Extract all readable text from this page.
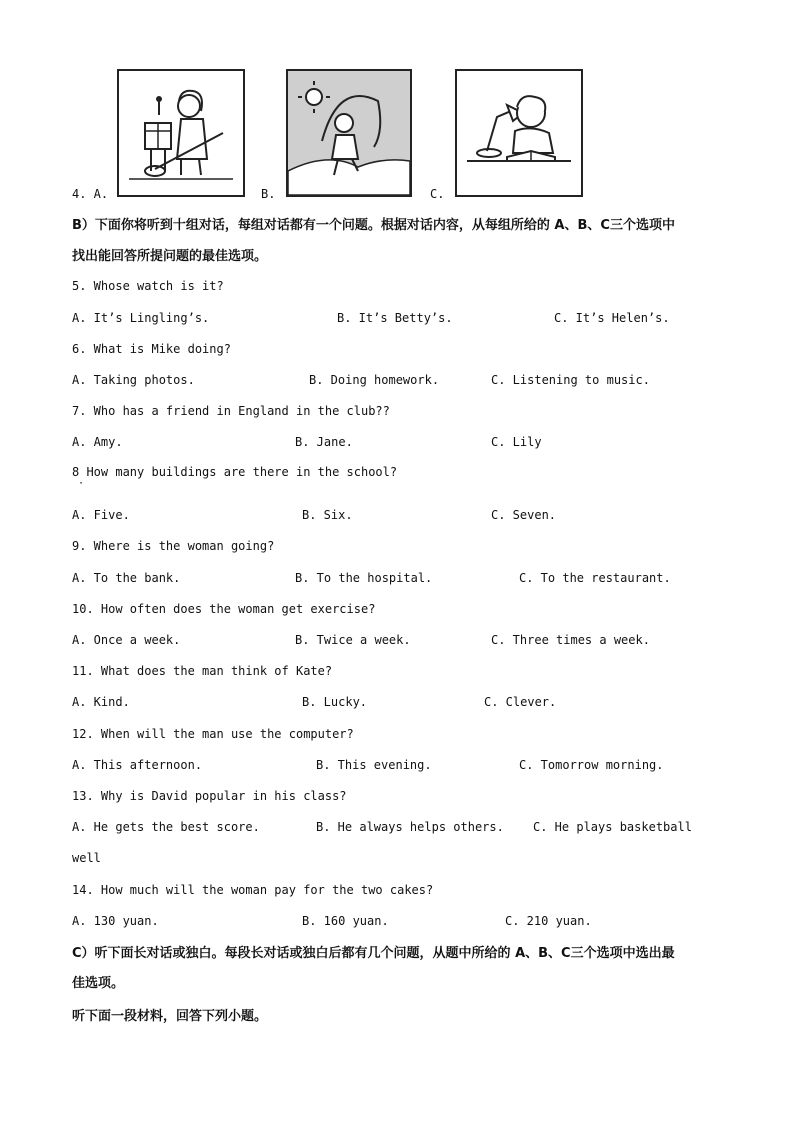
4. A.	B.	C.
B）下面你将听到十组对话，每组对话都有一个问题。根据对话内容，从每组所给的 A、B、C三个选项中
找出能回答所提问题的最佳选项。
5. Whose watch is it?
A. It’s Lingling’s.	B. It’s Betty’s.	C. It’s Helen’s.
6. What is Mike doing?
A. Taking photos.	B. Doing homework.	C. Listening to music.
7. Who has a friend in England in the club??
A. Amy.	B. Jane.	C. Lily
8 How many buildings are there in the school?
·
A. Five.	B. Six.	C. Seven.
9. Where is the woman going?
A. To the bank.	B. To the hospital.	C. To the restaurant.
10. How often does the woman get exercise?
A. Once a week.	B. Twice a week.	C. Three times a week.
11. What does the man think of Kate?
A. Kind.	B. Lucky.	C. Clever.
12. When will the man use the computer?
A. This afternoon.	B. This evening.	C. Tomorrow morning.
13. Why is David popular in his class?
A. He gets the best score.	B. He always helps others. C. He plays basketball
well
14. How much will the woman pay for the two cakes?
A. 130 yuan.	B. 160 yuan.	C. 210 yuan.
C）听下面长对话或独白。每段长对话或独白后都有几个问题，从题中所给的 A、B、C三个选项中选出最
佳选项。
听下面一段材料，回答下列小题。
